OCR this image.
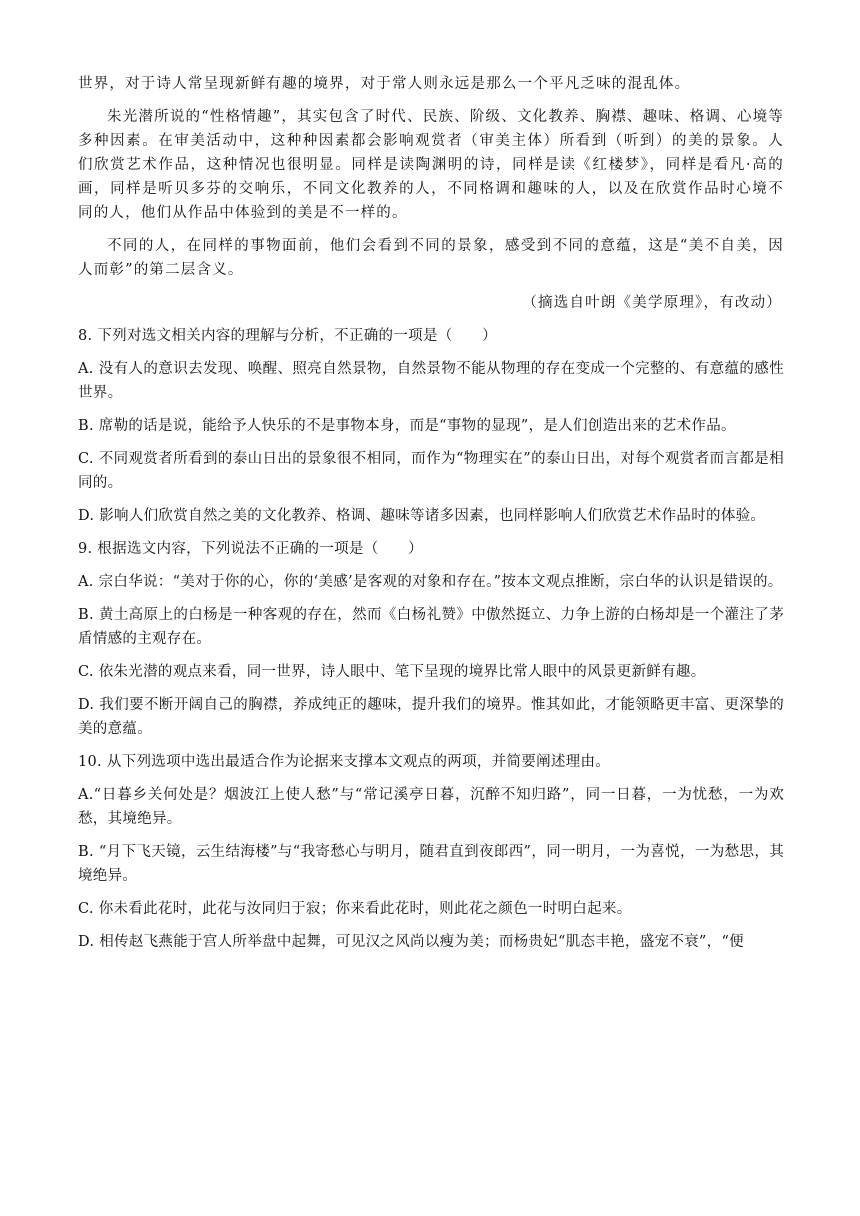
世界，对于诗人常呈现新鲜有趣的境界，对于常人则永远是那么一个平凡乏味的混乱体。

朱光潜所说的“性格情趣”，其实包含了时代、民族、阶级、文化教养、胸襟、趣味、格调、心境等多种因素。在审美活动中，这种种因素都会影响观赏者（审美主体）所看到（听到）的美的景象。人们欣赏艺术作品，这种情况也很明显。同样是读陶渊明的诗，同样是读《红楼梦》，同样是看凡·高的画，同样是听贝多芬的交响乐，不同文化教养的人，不同格调和趣味的人，以及在欣赏作品时心境不同的人，他们从作品中体验到的美是不一样的。

不同的人，在同样的事物面前，他们会看到不同的景象，感受到不同的意蕴，这是“美不自美，因人而彰”的第二层含义。

（摘选自叶朗《美学原理》，有改动）

8. 下列对选文相关内容的理解与分析，不正确的一项是（　　）

A. 没有人的意识去发现、唤醒、照亮自然景物，自然景物不能从物理的存在变成一个完整的、有意蕴的感性世界。

B. 席勒的话是说，能给予人快乐的不是事物本身，而是“事物的显现”，是人们创造出来的艺术作品。

C. 不同观赏者所看到的泰山日出的景象很不相同，而作为“物理实在”的泰山日出，对每个观赏者而言都是相同的。

D. 影响人们欣赏自然之美的文化教养、格调、趣味等诸多因素，也同样影响人们欣赏艺术作品时的体验。

9. 根据选文内容，下列说法不正确的一项是（　　）

A. 宗白华说：“美对于你的心，你的‘美感’是客观的对象和存在。”按本文观点推断，宗白华的认识是错误的。

B. 黄土高原上的白杨是一种客观的存在，然而《白杨礼赞》中傲然挺立、力争上游的白杨却是一个灌注了茅盾情感的主观存在。

C. 依朱光潜的观点来看，同一世界，诗人眼中、笔下呈现的境界比常人眼中的风景更新鲜有趣。

D. 我们要不断开阔自己的胸襟，养成纯正的趣味，提升我们的境界。惟其如此，才能领略更丰富、更深挚的美的意蕴。

10. 从下列选项中选出最适合作为论据来支撑本文观点的两项，并简要阐述理由。

A.“日暮乡关何处是？烟波江上使人愁”与“常记溪亭日暮，沉醉不知归路”，同一日暮，一为忧愁，一为欢愁，其境绝异。

B. “月下飞天镜，云生结海楼”与“我寄愁心与明月，随君直到夜郎西”，同一明月，一为喜悦，一为愁思，其境绝异。

C. 你未看此花时，此花与汝同归于寂；你来看此花时，则此花之颜色一时明白起来。

D. 相传赵飞燕能于宫人所举盘中起舞，可见汉之风尚以瘦为美；而杨贵妃“肌态丰艳，盛宠不衰”，“便
